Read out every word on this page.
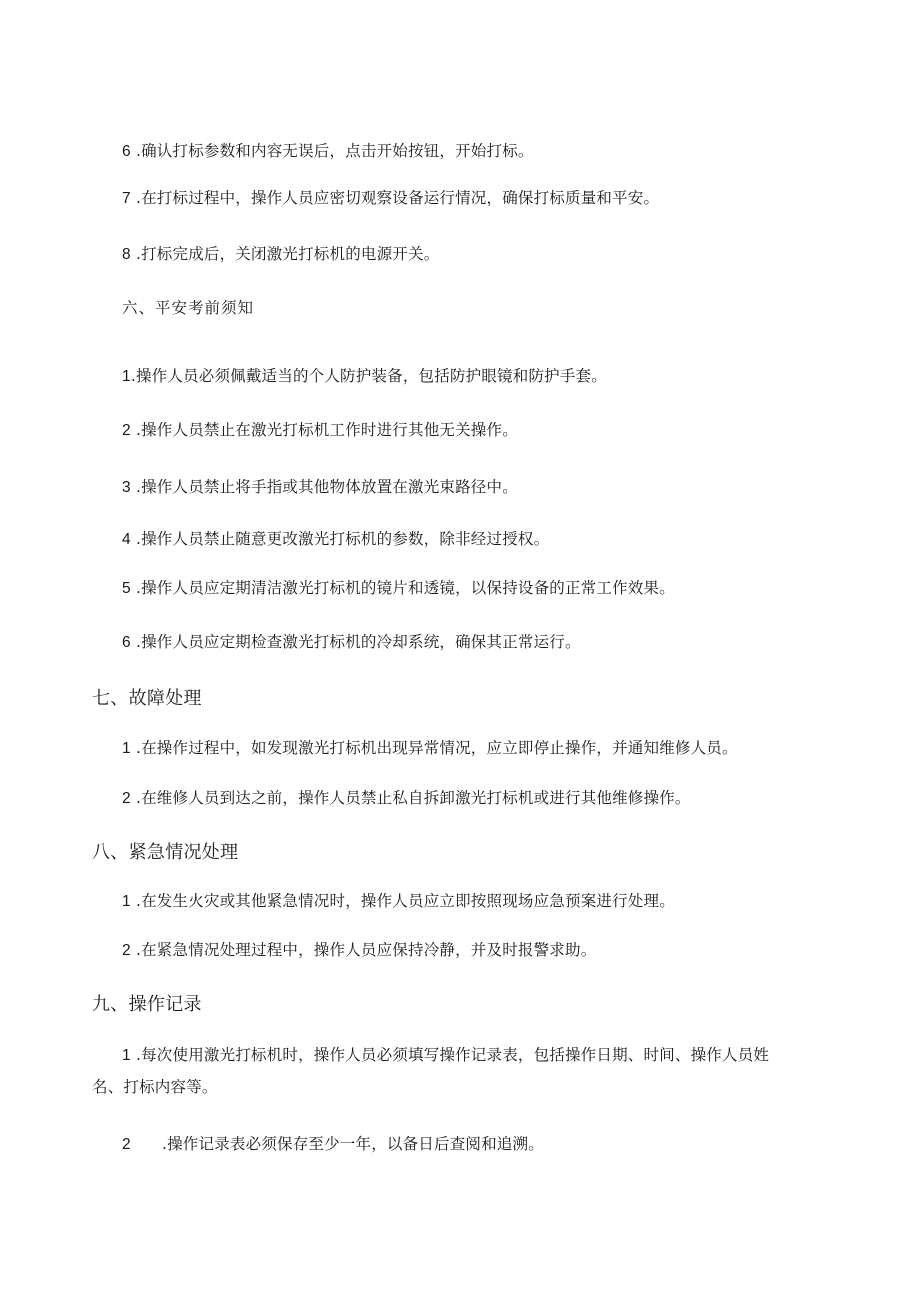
6 .确认打标参数和内容无误后，点击开始按钮，开始打标。
7 .在打标过程中，操作人员应密切观察设备运行情况，确保打标质量和平安。
8 .打标完成后，关闭激光打标机的电源开关。
六、平安考前须知
1.操作人员必须佩戴适当的个人防护装备，包括防护眼镜和防护手套。
2 .操作人员禁止在激光打标机工作时进行其他无关操作。
3 .操作人员禁止将手指或其他物体放置在激光束路径中。
4 .操作人员禁止随意更改激光打标机的参数，除非经过授权。
5 .操作人员应定期清洁激光打标机的镜片和透镜，以保持设备的正常工作效果。
6 .操作人员应定期检查激光打标机的冷却系统，确保其正常运行。
七、故障处理
1 .在操作过程中，如发现激光打标机出现异常情况，应立即停止操作，并通知维修人员。
2 .在维修人员到达之前，操作人员禁止私自拆卸激光打标机或进行其他维修操作。
八、紧急情况处理
1 .在发生火灾或其他紧急情况时，操作人员应立即按照现场应急预案进行处理。
2 .在紧急情况处理过程中，操作人员应保持冷静，并及时报警求助。
九、操作记录
1 .每次使用激光打标机时，操作人员必须填写操作记录表，包括操作日期、时间、操作人员姓
名、打标内容等。
2 .操作记录表必须保存至少一年，以备日后查阅和追溯。
